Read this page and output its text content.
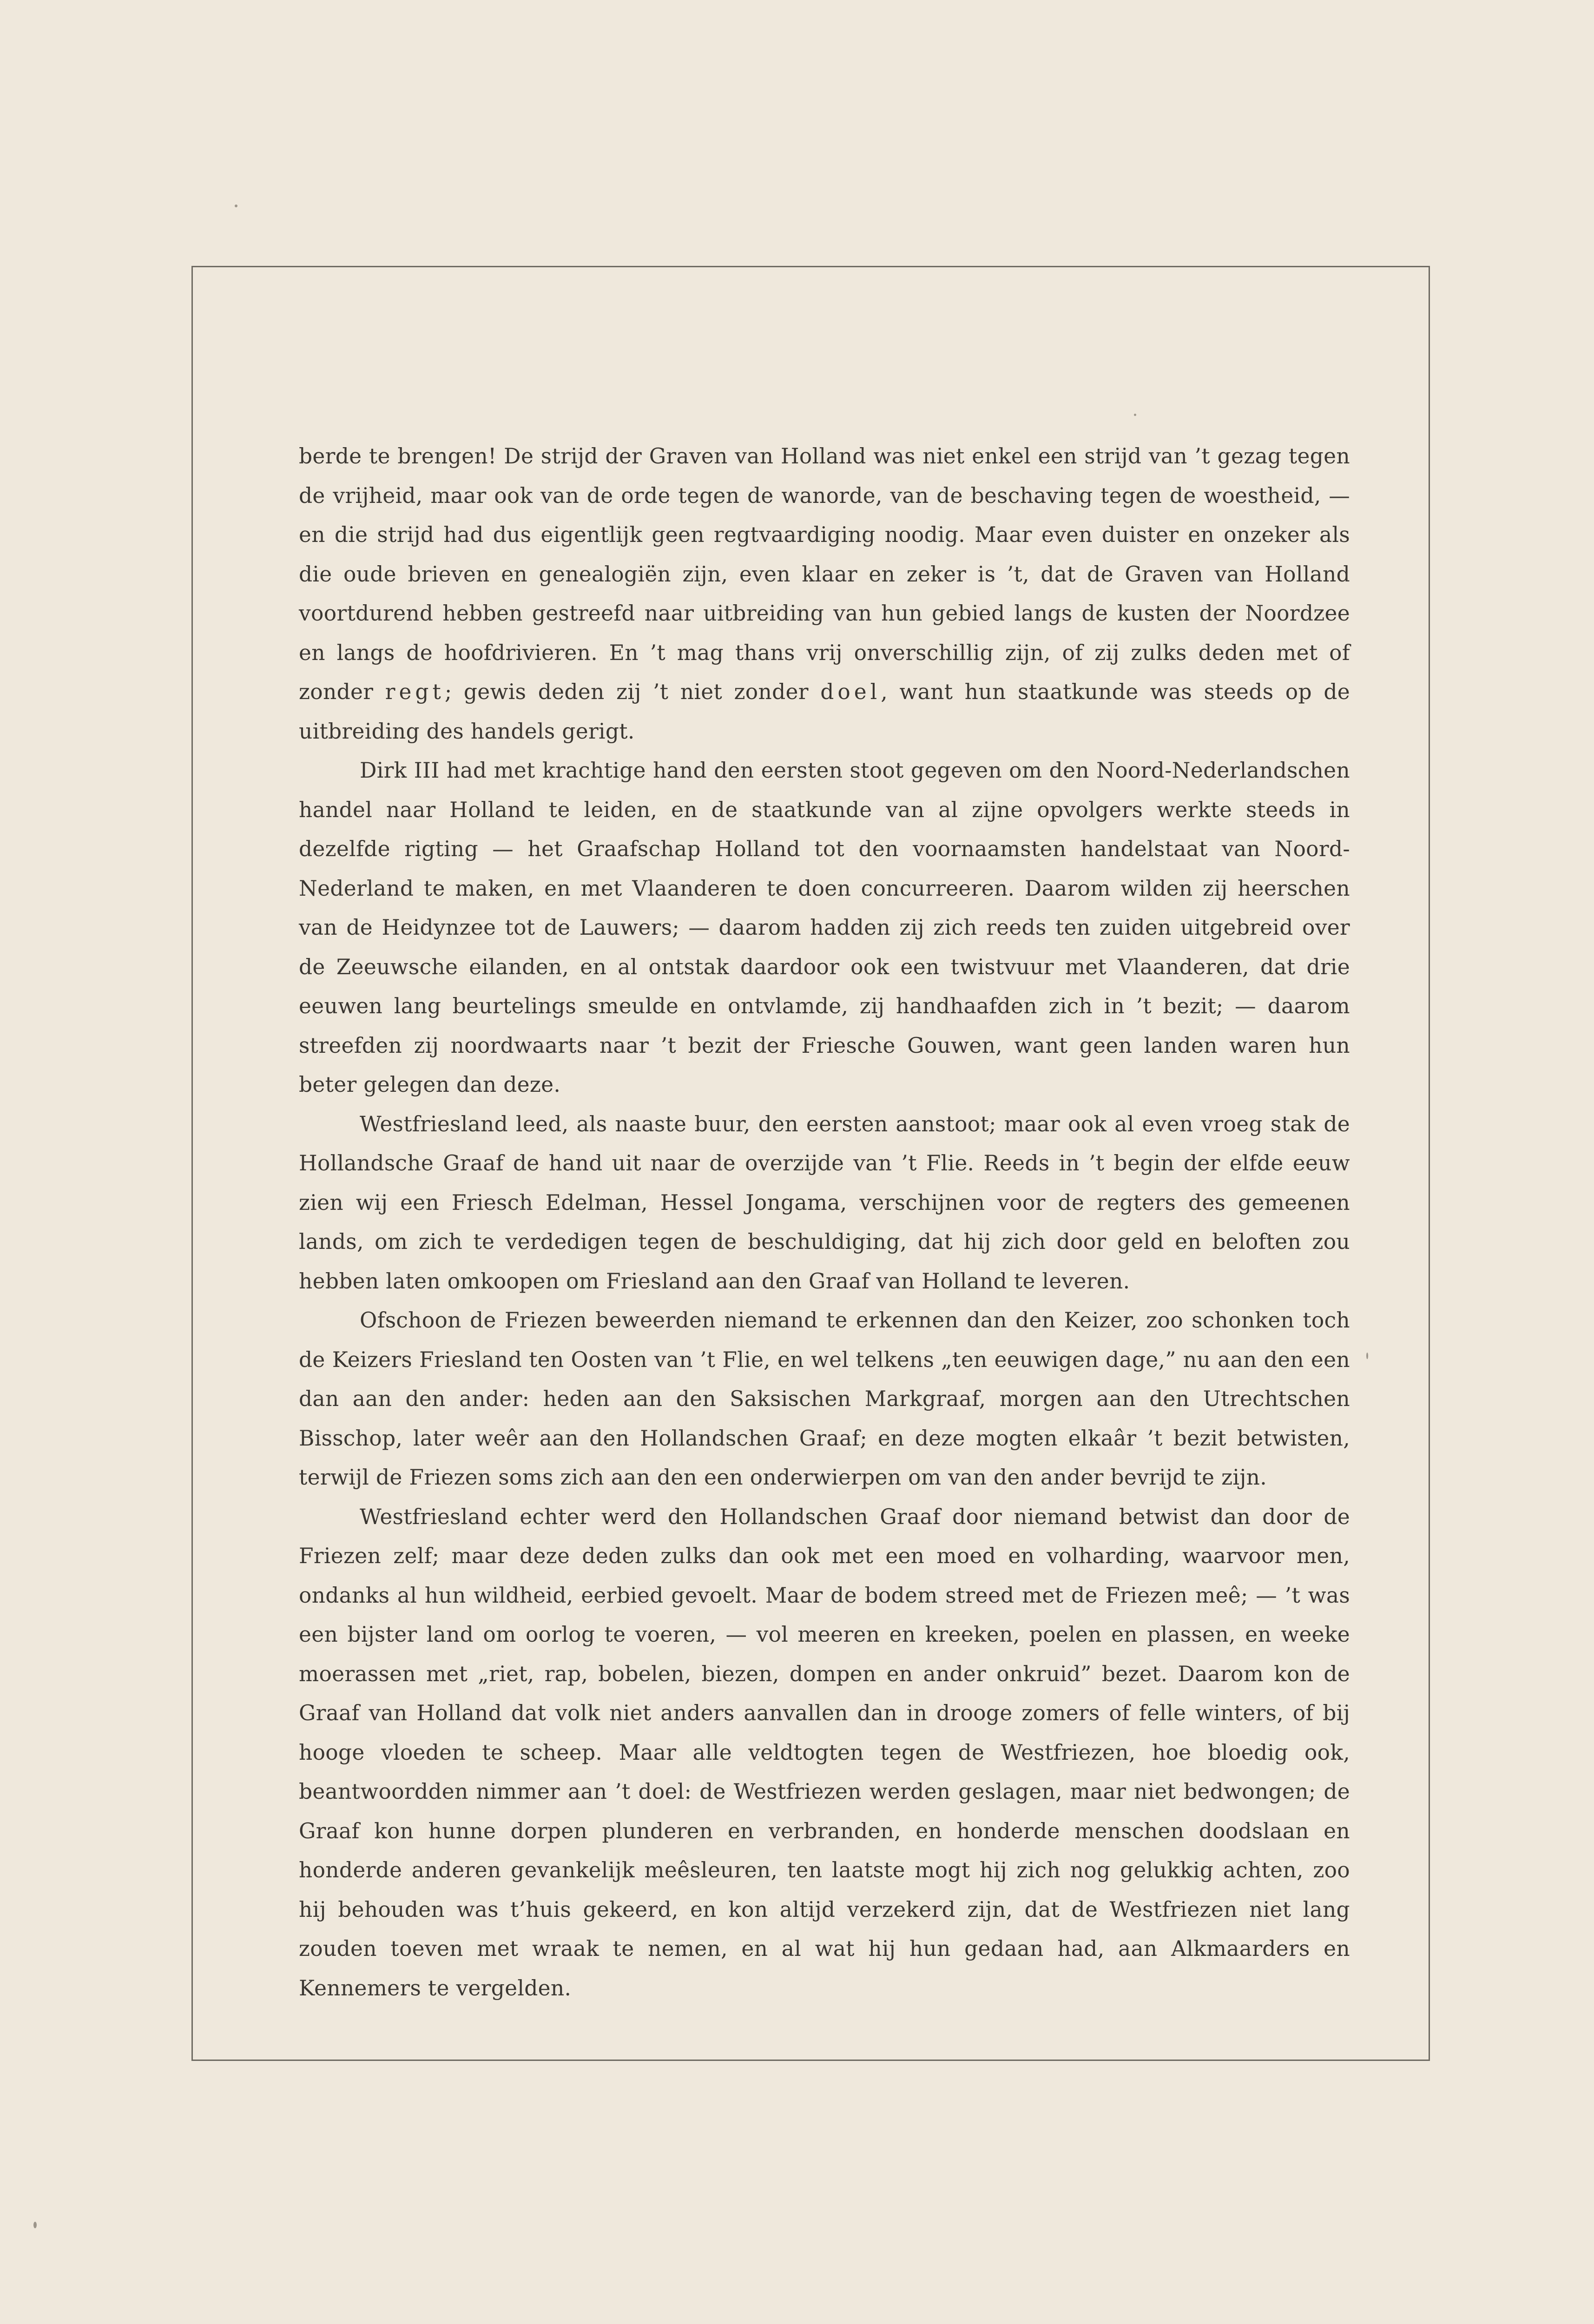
berde te brengen! De strijd der Graven van Holland was niet enkel een strijd van ’t gezag tegen de vrijheid, maar ook van de orde tegen de wanorde, van de beschaving tegen de woestheid, — en die strijd had dus eigentlijk geen regtvaardiging noodig. Maar even duister en onzeker als die oude brieven en genealogiën zijn, even klaar en zeker is ’t, dat de Graven van Holland voortdurend hebben gestreefd naar uitbreiding van hun gebied langs de kusten der Noordzee en langs de hoofdrivieren. En ’t mag thans vrij onverschillig zijn, of zij zulks deden met of zonder regt; gewis deden zij ’t niet zonder doel, want hun staatkunde was steeds op de uitbreiding des handels gerigt.

Dirk III had met krachtige hand den eersten stoot gegeven om den Noord-Nederlandschen handel naar Holland te leiden, en de staatkunde van al zijne opvolgers werkte steeds in dezelfde rigting — het Graafschap Holland tot den voornaamsten handelstaat van Noord-Nederland te maken, en met Vlaanderen te doen concurreeren. Daarom wilden zij heerschen van de Heidynzee tot de Lauwers; — daarom hadden zij zich reeds ten zuiden uitgebreid over de Zeeuwsche eilanden, en al ontstak daardoor ook een twistvuur met Vlaanderen, dat drie eeuwen lang beurtelings smeulde en ontvlamde, zij handhaafden zich in ’t bezit; — daarom streefden zij noordwaarts naar ’t bezit der Friesche Gouwen, want geen landen waren hun beter gelegen dan deze.

Westfriesland leed, als naaste buur, den eersten aanstoot; maar ook al even vroeg stak de Hollandsche Graaf de hand uit naar de overzijde van ’t Flie. Reeds in ’t begin der elfde eeuw zien wij een Friesch Edelman, Hessel Jongama, verschijnen voor de regters des gemeenen lands, om zich te verdedigen tegen de beschuldiging, dat hij zich door geld en beloften zou hebben laten omkoopen om Friesland aan den Graaf van Holland te leveren.

Ofschoon de Friezen beweerden niemand te erkennen dan den Keizer, zoo schonken toch de Keizers Friesland ten Oosten van ’t Flie, en wel telkens „ten eeuwigen dage,” nu aan den een dan aan den ander: heden aan den Saksischen Markgraaf, morgen aan den Utrechtschen Bisschop, later weêr aan den Hollandschen Graaf; en deze mogten elkaâr ’t bezit betwisten, terwijl de Friezen soms zich aan den een onderwierpen om van den ander bevrijd te zijn.

Westfriesland echter werd den Hollandschen Graaf door niemand betwist dan door de Friezen zelf; maar deze deden zulks dan ook met een moed en volharding, waarvoor men, ondanks al hun wildheid, eerbied gevoelt. Maar de bodem streed met de Friezen meê; — ’t was een bijster land om oorlog te voeren, — vol meeren en kreeken, poelen en plassen, en weeke moerassen met „riet, rap, bobelen, biezen, dompen en ander onkruid” bezet. Daarom kon de Graaf van Holland dat volk niet anders aanvallen dan in drooge zomers of felle winters, of bij hooge vloeden te scheep. Maar alle veldtogten tegen de Westfriezen, hoe bloedig ook, beantwoordden nimmer aan ’t doel: de Westfriezen werden geslagen, maar niet bedwongen; de Graaf kon hunne dorpen plunderen en verbranden, en honderde menschen doodslaan en honderde anderen gevankelijk meêsleuren, ten laatste mogt hij zich nog gelukkig achten, zoo hij behouden was t’huis gekeerd, en kon altijd verzekerd zijn, dat de Westfriezen niet lang zouden toeven met wraak te nemen, en al wat hij hun gedaan had, aan Alkmaarders en Kennemers te vergelden.
